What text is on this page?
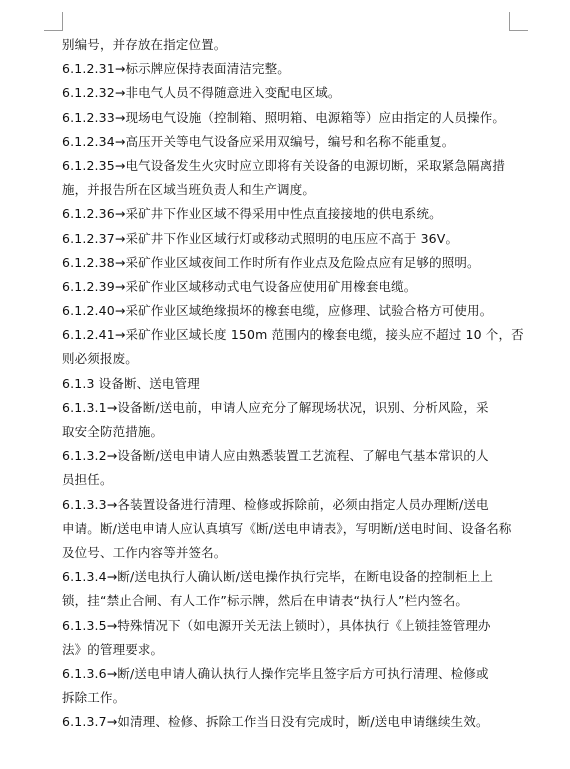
别编号，并存放在指定位置。
6.1.2.31→标示牌应保持表面清洁完整。
6.1.2.32→非电气人员不得随意进入变配电区域。
6.1.2.33→现场电气设施（控制箱、照明箱、电源箱等）应由指定的人员操作。
6.1.2.34→高压开关等电气设备应采用双编号，编号和名称不能重复。
6.1.2.35→电气设备发生火灾时应立即将有关设备的电源切断，采取紧急隔离措
施，并报告所在区域当班负责人和生产调度。
6.1.2.36→采矿井下作业区域不得采用中性点直接接地的供电系统。
6.1.2.37→采矿井下作业区域行灯或移动式照明的电压应不高于 36V。
6.1.2.38→采矿作业区域夜间工作时所有作业点及危险点应有足够的照明。
6.1.2.39→采矿作业区域移动式电气设备应使用矿用橡套电缆。
6.1.2.40→采矿作业区域绝缘损坏的橡套电缆，应修理、试验合格方可使用。
6.1.2.41→采矿作业区域长度 150m 范围内的橡套电缆，接头应不超过 10 个，否
则必须报废。
6.1.3 设备断、送电管理
6.1.3.1→设备断/送电前，申请人应充分了解现场状况，识别、分析风险，采
取安全防范措施。
6.1.3.2→设备断/送电申请人应由熟悉装置工艺流程、了解电气基本常识的人
员担任。
6.1.3.3→各装置设备进行清理、检修或拆除前，必须由指定人员办理断/送电
申请。断/送电申请人应认真填写《断/送电申请表》，写明断/送电时间、设备名称
及位号、工作内容等并签名。
6.1.3.4→断/送电执行人确认断/送电操作执行完毕，在断电设备的控制柜上上
锁，挂“禁止合闸、有人工作”标示牌，然后在申请表“执行人”栏内签名。
6.1.3.5→特殊情况下（如电源开关无法上锁时），具体执行《上锁挂签管理办
法》的管理要求。
6.1.3.6→断/送电申请人确认执行人操作完毕且签字后方可执行清理、检修或
拆除工作。
6.1.3.7→如清理、检修、拆除工作当日没有完成时，断/送电申请继续生效。
